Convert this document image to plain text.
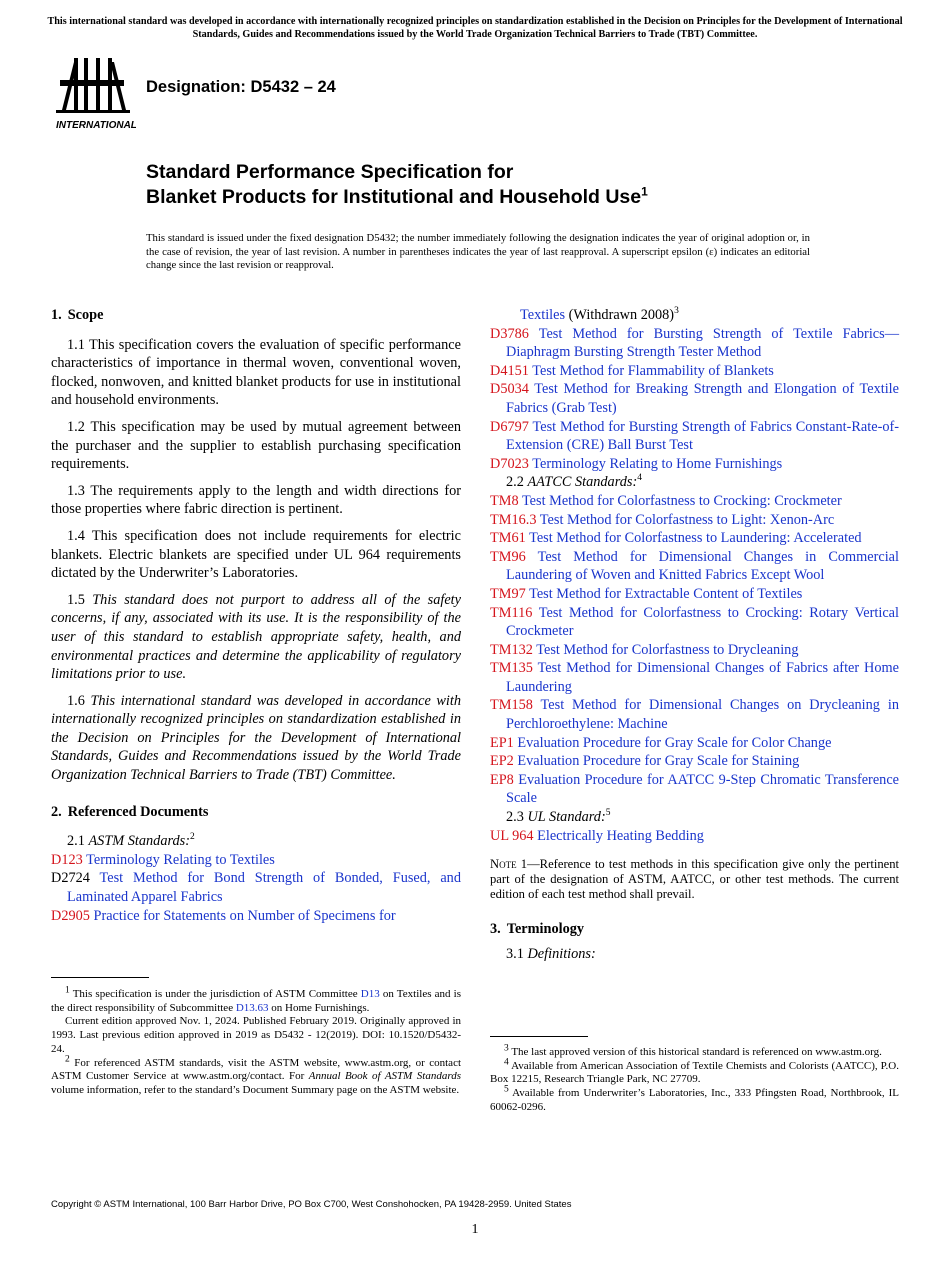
This international standard was developed in accordance with internationally recognized principles on standardization established in the Decision on Principles for the Development of International Standards, Guides and Recommendations issued by the World Trade Organization Technical Barriers to Trade (TBT) Committee.
INTERNATIONAL
Designation: D5432 – 24
Standard Performance Specification for
Blanket Products for Institutional and Household Use$^1$
This standard is issued under the fixed designation D5432; the number immediately following the designation indicates the year of original adoption or, in the case of revision, the year of last revision. A number in parentheses indicates the year of last reapproval. A superscript epsilon (ε) indicates an editorial change since the last revision or reapproval.
1. Scope

1.1 This specification covers the evaluation of specific performance characteristics of importance in thermal woven, conventional woven, flocked, nonwoven, and knitted blanket products for use in institutional and household environments.

1.2 This specification may be used by mutual agreement between the purchaser and the supplier to establish purchasing specification requirements.

1.3 The requirements apply to the length and width directions for those properties where fabric direction is pertinent.

1.4 This specification does not include requirements for electric blankets. Electric blankets are specified under UL 964 requirements dictated by the Underwriter’s Laboratories.

1.5 This standard does not purport to address all of the safety concerns, if any, associated with its use. It is the responsibility of the user of this standard to establish appropriate safety, health, and environmental practices and determine the applicability of regulatory limitations prior to use.

1.6 This international standard was developed in accordance with internationally recognized principles on standardization established in the Decision on Principles for the Development of International Standards, Guides and Recommendations issued by the World Trade Organization Technical Barriers to Trade (TBT) Committee.

2. Referenced Documents
2.1 ASTM Standards:$^2$
D123 Terminology Relating to Textiles
D2724 Test Method for Bond Strength of Bonded, Fused, and Laminated Apparel Fabrics
D2905 Practice for Statements on Number of Specimens for

$^1$ This specification is under the jurisdiction of ASTM Committee D13 on Textiles and is the direct responsibility of Subcommittee D13.63 on Home Furnishings.

Current edition approved Nov. 1, 2024. Published February 2019. Originally approved in 1993. Last previous edition approved in 2019 as D5432 - 12(2019). DOI: 10.1520/D5432-24.

$^2$ For referenced ASTM standards, visit the ASTM website, www.astm.org, or contact ASTM Customer Service at www.astm.org/contact. For Annual Book of ASTM Standards volume information, refer to the standard’s Document Summary page on the ASTM website.

Textiles (Withdrawn 2008)$^3$
D3786 Test Method for Bursting Strength of Textile Fabrics—Diaphragm Bursting Strength Tester Method
D4151 Test Method for Flammability of Blankets
D5034 Test Method for Breaking Strength and Elongation of Textile Fabrics (Grab Test)
D6797 Test Method for Bursting Strength of Fabrics Constant-Rate-of-Extension (CRE) Ball Burst Test
D7023 Terminology Relating to Home Furnishings
2.2 AATCC Standards:$^4$
TM8 Test Method for Colorfastness to Crocking: Crockmeter
TM16.3 Test Method for Colorfastness to Light: Xenon-Arc
TM61 Test Method for Colorfastness to Laundering: Accelerated
TM96 Test Method for Dimensional Changes in Commercial Laundering of Woven and Knitted Fabrics Except Wool
TM97 Test Method for Extractable Content of Textiles
TM116 Test Method for Colorfastness to Crocking: Rotary Vertical Crockmeter
TM132 Test Method for Colorfastness to Drycleaning
TM135 Test Method for Dimensional Changes of Fabrics after Home Laundering
TM158 Test Method for Dimensional Changes on Drycleaning in Perchloroethylene: Machine
EP1 Evaluation Procedure for Gray Scale for Color Change
EP2 Evaluation Procedure for Gray Scale for Staining
EP8 Evaluation Procedure for AATCC 9-Step Chromatic Transference Scale
2.3 UL Standard:$^5$
UL 964 Electrically Heating Bedding
Note 1—Reference to test methods in this specification give only the pertinent part of the designation of ASTM, AATCC, or other test methods. The current edition of each test method shall prevail.
3. Terminology
3.1 Definitions:

$^3$ The last approved version of this historical standard is referenced on www.astm.org.

$^4$ Available from American Association of Textile Chemists and Colorists (AATCC), P.O. Box 12215, Research Triangle Park, NC 27709.

$^5$ Available from Underwriter’s Laboratories, Inc., 333 Pfingsten Road, Northbrook, IL 60062-0296.

Copyright © ASTM International, 100 Barr Harbor Drive, PO Box C700, West Conshohocken, PA 19428-2959. United States
1
